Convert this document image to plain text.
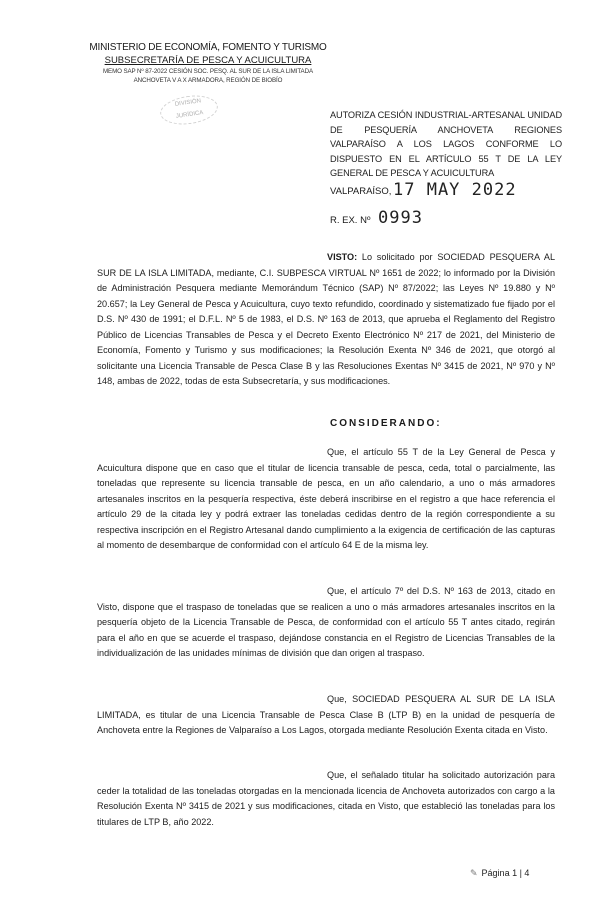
MINISTERIO DE ECONOMÍA, FOMENTO Y TURISMO
SUBSECRETARÍA DE PESCA Y ACUICULTURA
MEMO SAP Nº 87-2022 CESIÓN SOC. PESQ. AL SUR DE LA ISLA LIMITADA
ANCHOVETA V A X ARMADORA, REGIÓN DE BIOBÍO
DIVISIÓN
JURÍDICA	AUTORIZA CESIÓN INDUSTRIAL-ARTESANAL UNIDAD DE PESQUERÍA ANCHOVETA REGIONES VALPARAÍSO A LOS LAGOS CONFORME LO DISPUESTO EN EL ARTÍCULO 55 T DE LA LEY GENERAL DE PESCA Y ACUICULTURA
VALPARAÍSO, 17 MAY 2022
R. EX. Nº 0993
VISTO: Lo solicitado por SOCIEDAD PESQUERA AL SUR DE LA ISLA LIMITADA, mediante, C.I. SUBPESCA VIRTUAL Nº 1651 de 2022; lo informado por la División de Administración Pesquera mediante Memorándum Técnico (SAP) Nº 87/2022; las Leyes Nº 19.880 y Nº 20.657; la Ley General de Pesca y Acuicultura, cuyo texto refundido, coordinado y sistematizado fue fijado por el D.S. Nº 430 de 1991; el D.F.L. Nº 5 de 1983, el D.S. Nº 163 de 2013, que aprueba el Reglamento del Registro Público de Licencias Transables de Pesca y el Decreto Exento Electrónico Nº 217 de 2021, del Ministerio de Economía, Fomento y Turismo y sus modificaciones; la Resolución Exenta Nº 346 de 2021, que otorgó al solicitante una Licencia Transable de Pesca Clase B y las Resoluciones Exentas Nº 3415 de 2021, Nº 970 y Nº 148, ambas de 2022, todas de esta Subsecretaría, y sus modificaciones.
CONSIDERANDO:
Que, el artículo 55 T de la Ley General de Pesca y Acuicultura dispone que en caso que el titular de licencia transable de pesca, ceda, total o parcialmente, las toneladas que represente su licencia transable de pesca, en un año calendario, a uno o más armadores artesanales inscritos en la pesquería respectiva, éste deberá inscribirse en el registro a que hace referencia el artículo 29 de la citada ley y podrá extraer las toneladas cedidas dentro de la región correspondiente a su respectiva inscripción en el Registro Artesanal dando cumplimiento a la exigencia de certificación de las capturas al momento de desembarque de conformidad con el artículo 64 E de la misma ley.
Que, el artículo 7º del D.S. Nº 163 de 2013, citado en Visto, dispone que el traspaso de toneladas que se realicen a uno o más armadores artesanales inscritos en la pesquería objeto de la Licencia Transable de Pesca, de conformidad con el artículo 55 T antes citado, regirán para el año en que se acuerde el traspaso, dejándose constancia en el Registro de Licencias Transables de la individualización de las unidades mínimas de división que dan origen al traspaso.
Que, SOCIEDAD PESQUERA AL SUR DE LA ISLA LIMITADA, es titular de una Licencia Transable de Pesca Clase B (LTP B) en la unidad de pesquería de Anchoveta entre la Regiones de Valparaíso a Los Lagos, otorgada mediante Resolución Exenta citada en Visto.
Que, el señalado titular ha solicitado autorización para ceder la totalidad de las toneladas otorgadas en la mencionada licencia de Anchoveta autorizados con cargo a la Resolución Exenta Nº 3415 de 2021 y sus modificaciones, citada en Visto, que estableció las toneladas para los titulares de LTP B, año 2022.
✎ Página 1 | 4
